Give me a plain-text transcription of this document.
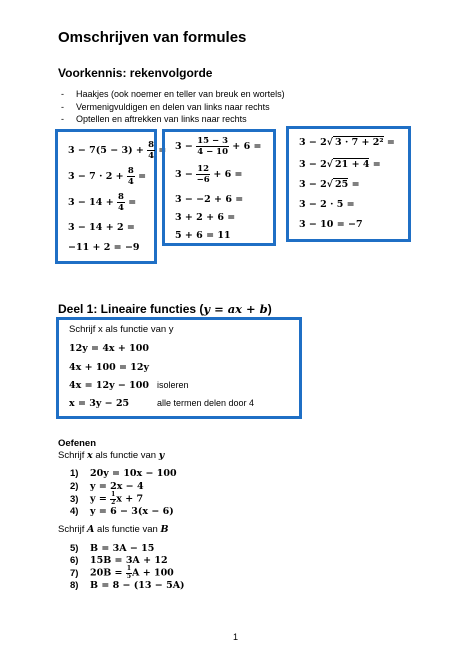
Omschrijven van formules
Voorkennis: rekenvolgorde
- Haakjes (ook noemer en teller van breuk en wortels)
- Vermenigvuldigen en delen van links naar rechts
- Optellen en aftrekken van links naar rechts
$3 - 7(5 - 3) + \frac{8}{4}$ =
$3 - 7 \cdot 2 + \frac{8}{4}$ =
$3 - 14 + \frac{8}{4}$ =
3 − 14 + 2 =
−11 + 2 = −9
$3 - \frac{15 - 3}{4 - 10} + 6$ =
$3 - \frac{12}{-6} + 6$ =
3 − −2 + 6 =
3 + 2 + 6 =
5 + 6 = 11
3 − 2√ 3 · 7 + 2² =
3 − 2√ 21 + 4 =
3 − 2√ 25 =
3 − 2 · 5 =
3 − 10 = −7
Deel 1: Lineaire functies (y = ax + b)
Schrijf x als functie van y
12y = 4x + 100
4x + 100 = 12y
4x = 12y − 100 isoleren
x = 3y − 25	alle termen delen door 4
Oefenen
Schrijf x als functie van y
1) 20y = 10x − 100
2) y = 2x − 4
3) $y = \frac{1}{2}$ x + 7
4) y = 6 − 3(x − 6)
Schrijf A als functie van B
5) B = 3A − 15
6) 15B = 3A + 12
7) $20B = \frac{1}{5}$ A + 100
8) B = 8 − (13 − 5A)
1
